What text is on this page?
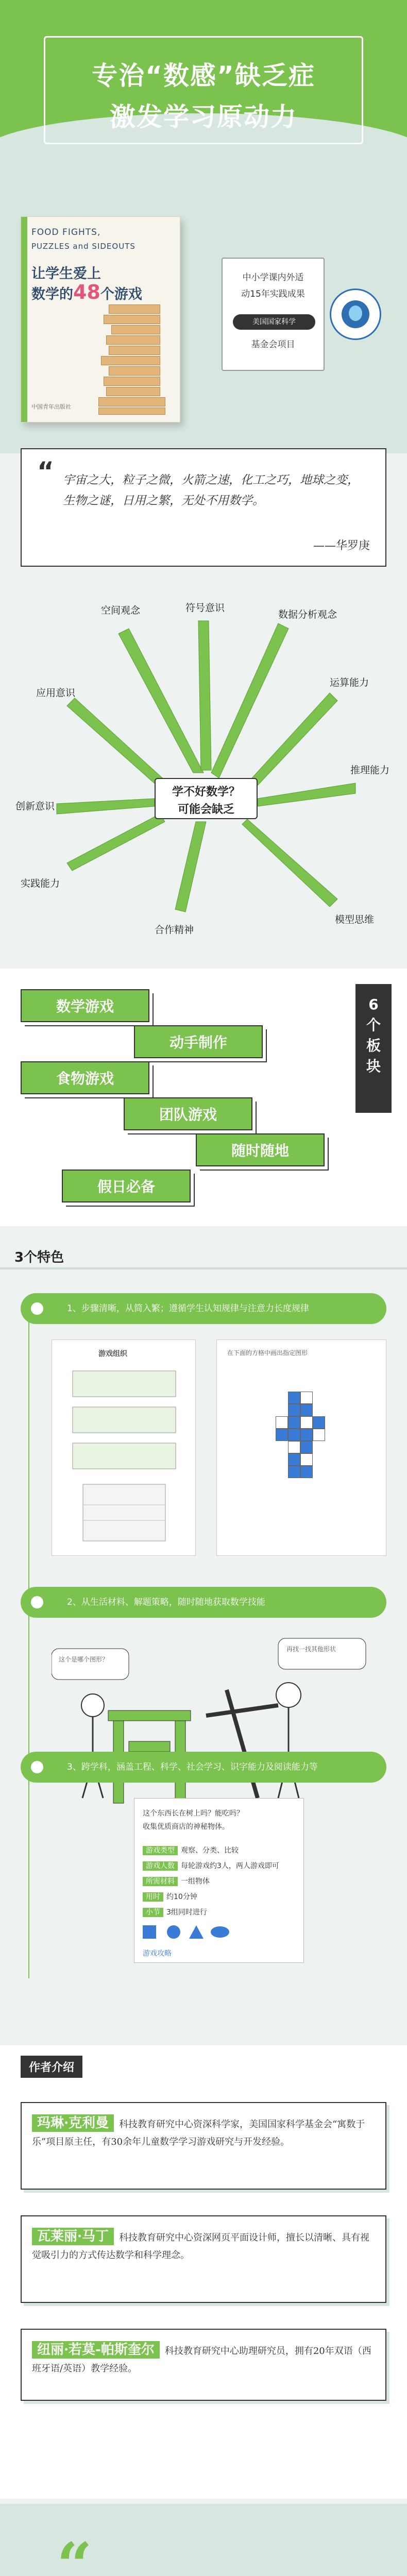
专治“数感”缺乏症
激发学习原动力
FOOD FIGHTS,
PUZZLES and SIDEOUTS
让学生爱上
数学的48个游戏
中国青年出版社
中小学课内外适
动15年实践成果
美国国家科学
基金会项目
“ 宇宙之大，粒子之微，火箭之速，化工之巧，地球之变，生物之谜，日用之繁，无处不用数学。
——华罗庚
空间观念	符号意识
数据分析观念
运算能力
推理能力
模型思维
合作精神
实践能力
创新意识
应用意识
学不好数学？
可能会缺乏
数学游戏
动手制作
食物游戏
团队游戏
随时随地
假日必备
6
个
板
块
3个特色
1、步骤清晰，从简入繁；遵循学生认知规律与注意力长度规律
游戏组织	在下面的方格中画出指定图形
2、从生活材料、解题策略，随时随地获取数学技能
这个是哪个图形？
再找一找其他形状
3、跨学科，涵盖工程、科学、社会学习、识字能力及阅读能力等
这个东西长在树上吗？能吃吗？
收集优质商店的神秘物体。
游戏类型 观察、分类、比较
游戏人数 每轮游戏约3人，两人游戏即可
所需材料 一组物体
用时 约10分钟
小节 3组同时进行
游戏攻略
作者介绍
玛琳·克利曼 科技教育研究中心资深科学家，美国国家科学基金会“寓数于乐”项目原主任，有30余年儿童数学学习游戏研究与开发经验。
瓦莱丽·马丁 科技教育研究中心资深网页平面设计师，擅长以清晰、具有视觉吸引力的方式传达数学和科学理念。
纽丽·若莫-帕斯奎尔 科技教育研究中心助理研究员，拥有20年双语（西班牙语/英语）教学经验。
“
